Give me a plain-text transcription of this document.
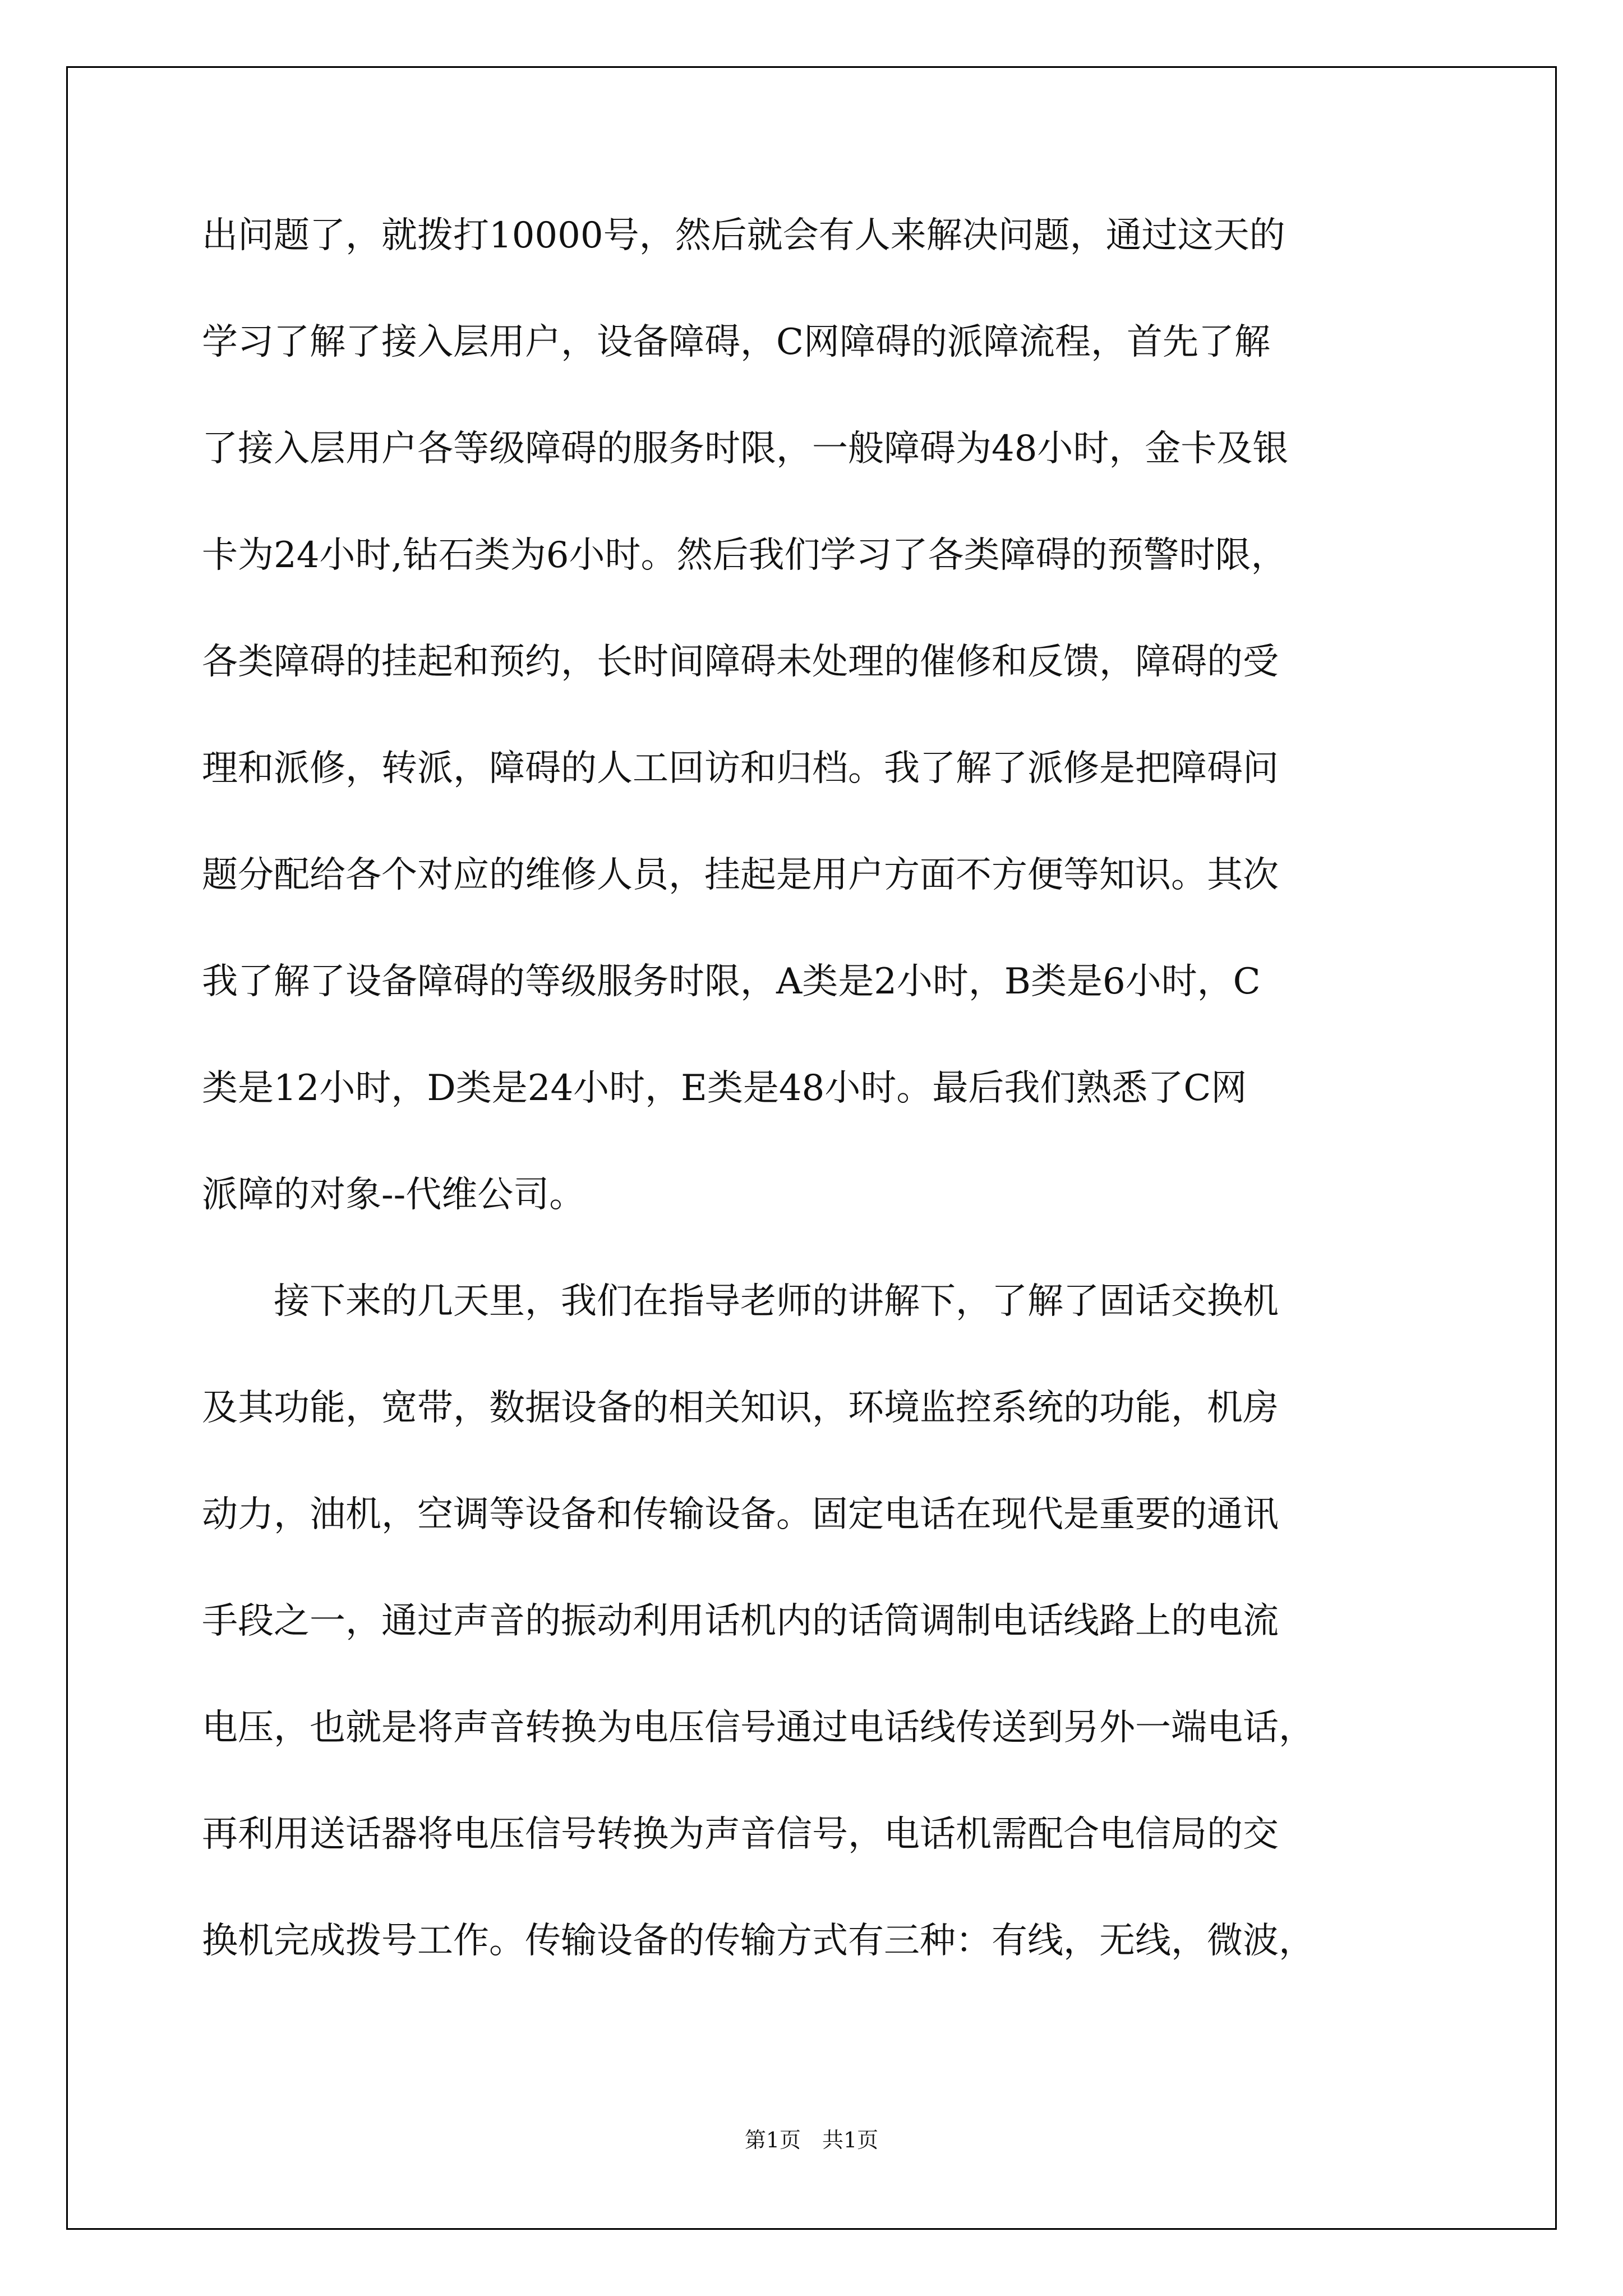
出问题了，就拨打10000号，然后就会有人来解决问题，通过这天的
学习了解了接入层用户，设备障碍，C网障碍的派障流程，首先了解
了接入层用户各等级障碍的服务时限，一般障碍为48小时，金卡及银
卡为24小时,钻石类为6小时。然后我们学习了各类障碍的预警时限，
各类障碍的挂起和预约，长时间障碍未处理的催修和反馈，障碍的受
理和派修，转派，障碍的人工回访和归档。我了解了派修是把障碍问
题分配给各个对应的维修人员，挂起是用户方面不方便等知识。其次
我了解了设备障碍的等级服务时限，A类是2小时，B类是6小时，C
类是12小时，D类是24小时，E类是48小时。最后我们熟悉了C网
派障的对象--代维公司。
　　接下来的几天里，我们在指导老师的讲解下，了解了固话交换机
及其功能，宽带，数据设备的相关知识，环境监控系统的功能，机房
动力，油机，空调等设备和传输设备。固定电话在现代是重要的通讯
手段之一，通过声音的振动利用话机内的话筒调制电话线路上的电流
电压，也就是将声音转换为电压信号通过电话线传送到另外一端电话，
再利用送话器将电压信号转换为声音信号，电话机需配合电信局的交
换机完成拨号工作。传输设备的传输方式有三种：有线，无线，微波，
第1页　共1页
